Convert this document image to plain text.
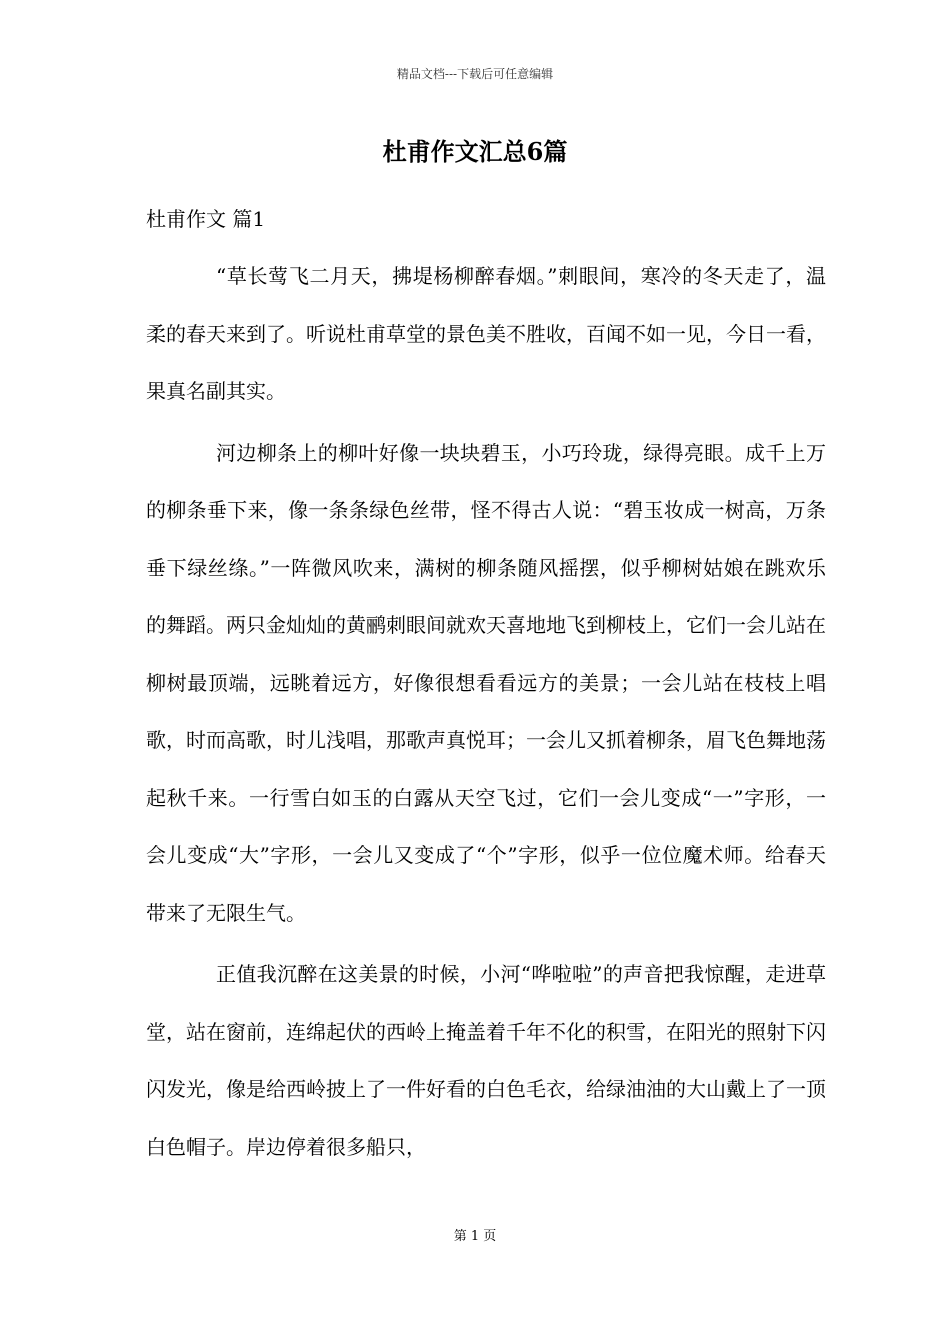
精品文档---下载后可任意编辑
杜甫作文汇总6篇
杜甫作文 篇1

“草长莺飞二月天，拂堤杨柳醉春烟。”刺眼间，寒冷的冬天走了，温柔的春天来到了。听说杜甫草堂的景色美不胜收，百闻不如一见，今日一看，果真名副其实。

河边柳条上的柳叶好像一块块碧玉，小巧玲珑，绿得亮眼。成千上万的柳条垂下来，像一条条绿色丝带，怪不得古人说：“碧玉妆成一树高，万条垂下绿丝绦。”一阵微风吹来，满树的柳条随风摇摆，似乎柳树姑娘在跳欢乐的舞蹈。两只金灿灿的黄鹂刺眼间就欢天喜地地飞到柳枝上，它们一会儿站在柳树最顶端，远眺着远方，好像很想看看远方的美景；一会儿站在枝枝上唱歌，时而高歌，时儿浅唱，那歌声真悦耳；一会儿又抓着柳条，眉飞色舞地荡起秋千来。一行雪白如玉的白露从天空飞过，它们一会儿变成“一”字形，一会儿变成“大”字形，一会儿又变成了“个”字形，似乎一位位魔术师。给春天带来了无限生气。

正值我沉醉在这美景的时候，小河“哗啦啦”的声音把我惊醒，走进草堂，站在窗前，连绵起伏的西岭上掩盖着千年不化的积雪，在阳光的照射下闪闪发光，像是给西岭披上了一件好看的白色毛衣，给绿油油的大山戴上了一顶白色帽子。岸边停着很多船只，

第 1 页
